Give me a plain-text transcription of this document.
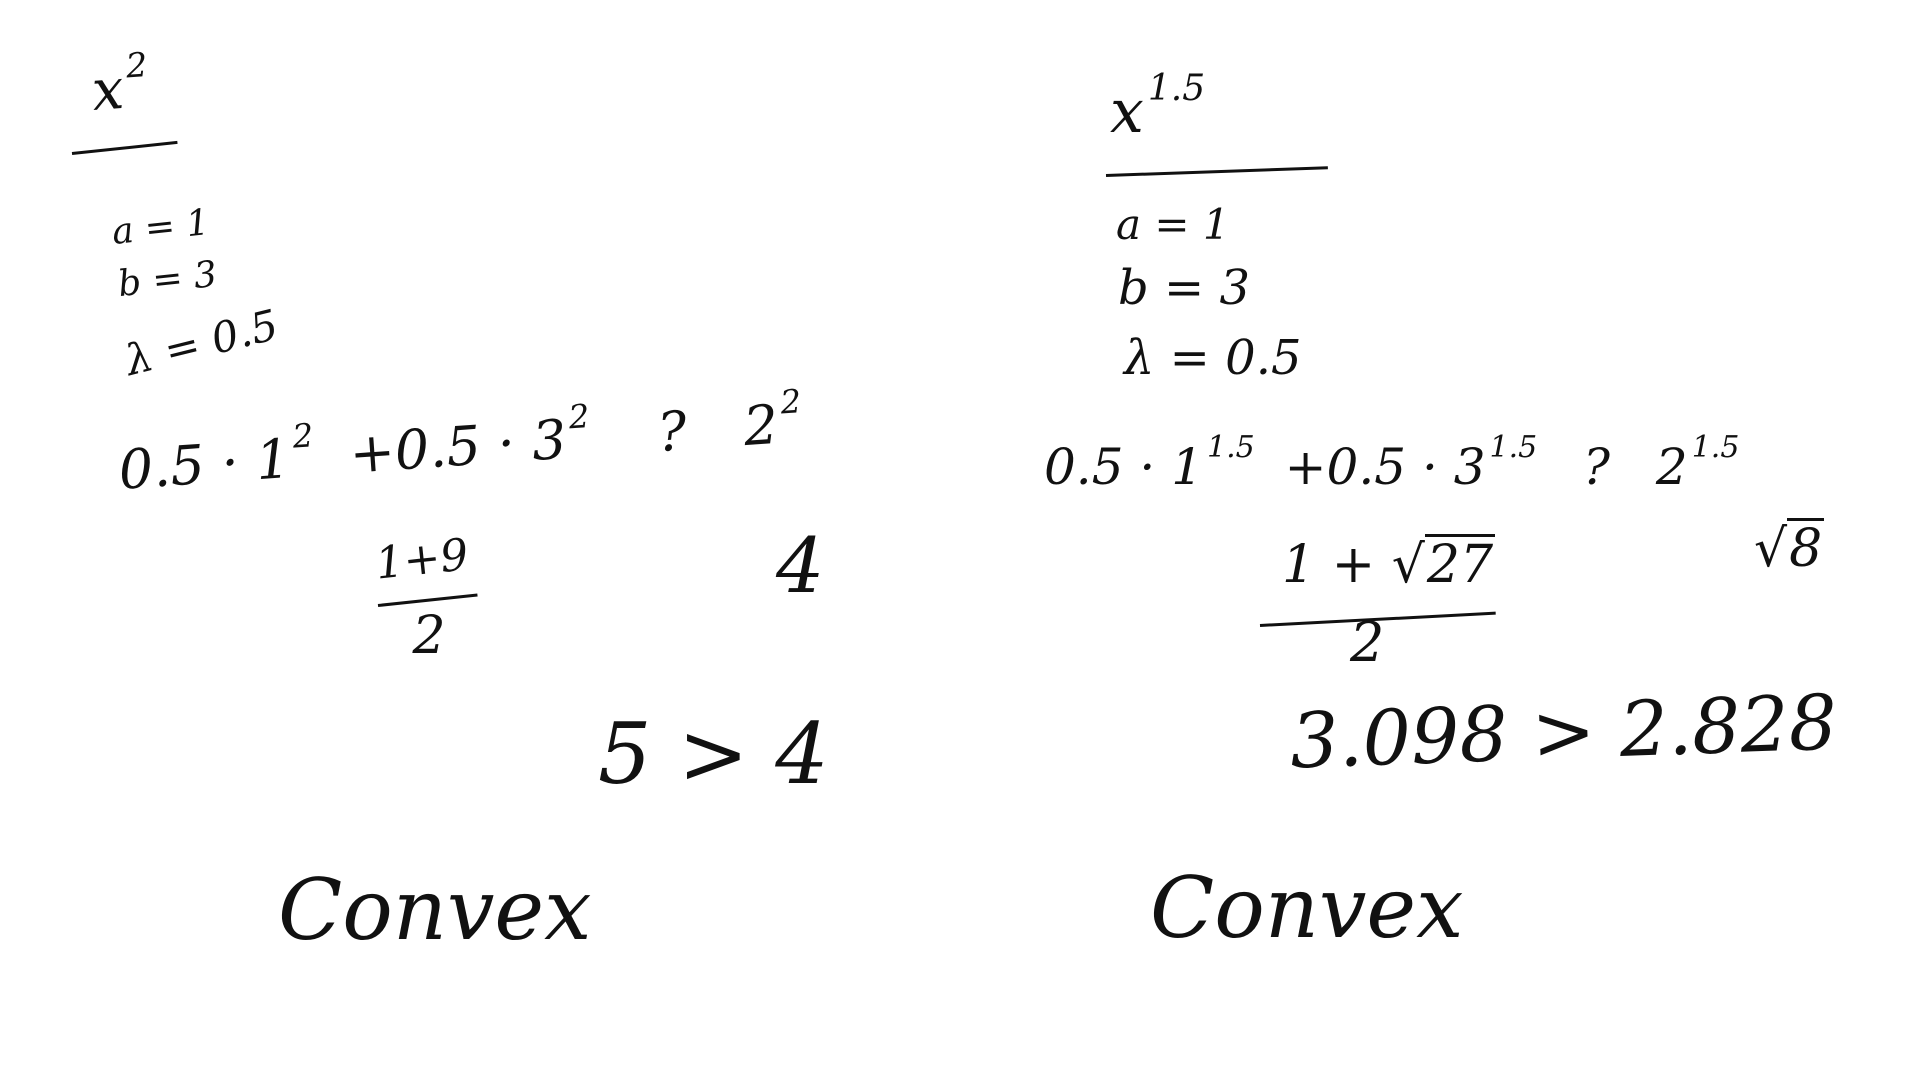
$x^2$
a = 1
b = 3
λ = 0.5
$0.5 \cdot 1^2 +0.5 \cdot 3^2$ ? $2^2$
1+9
2
4
5 > 4
Convex
x $^{1.5}$
a = 1
b = 3
λ = 0.5
0.5 · 1 $^{1.5}$ +0.5 · 3 $^{1.5}$ ? 2 $^{1.5}$
1 + √27
2
√8
3.098 > 2.828
Convex
